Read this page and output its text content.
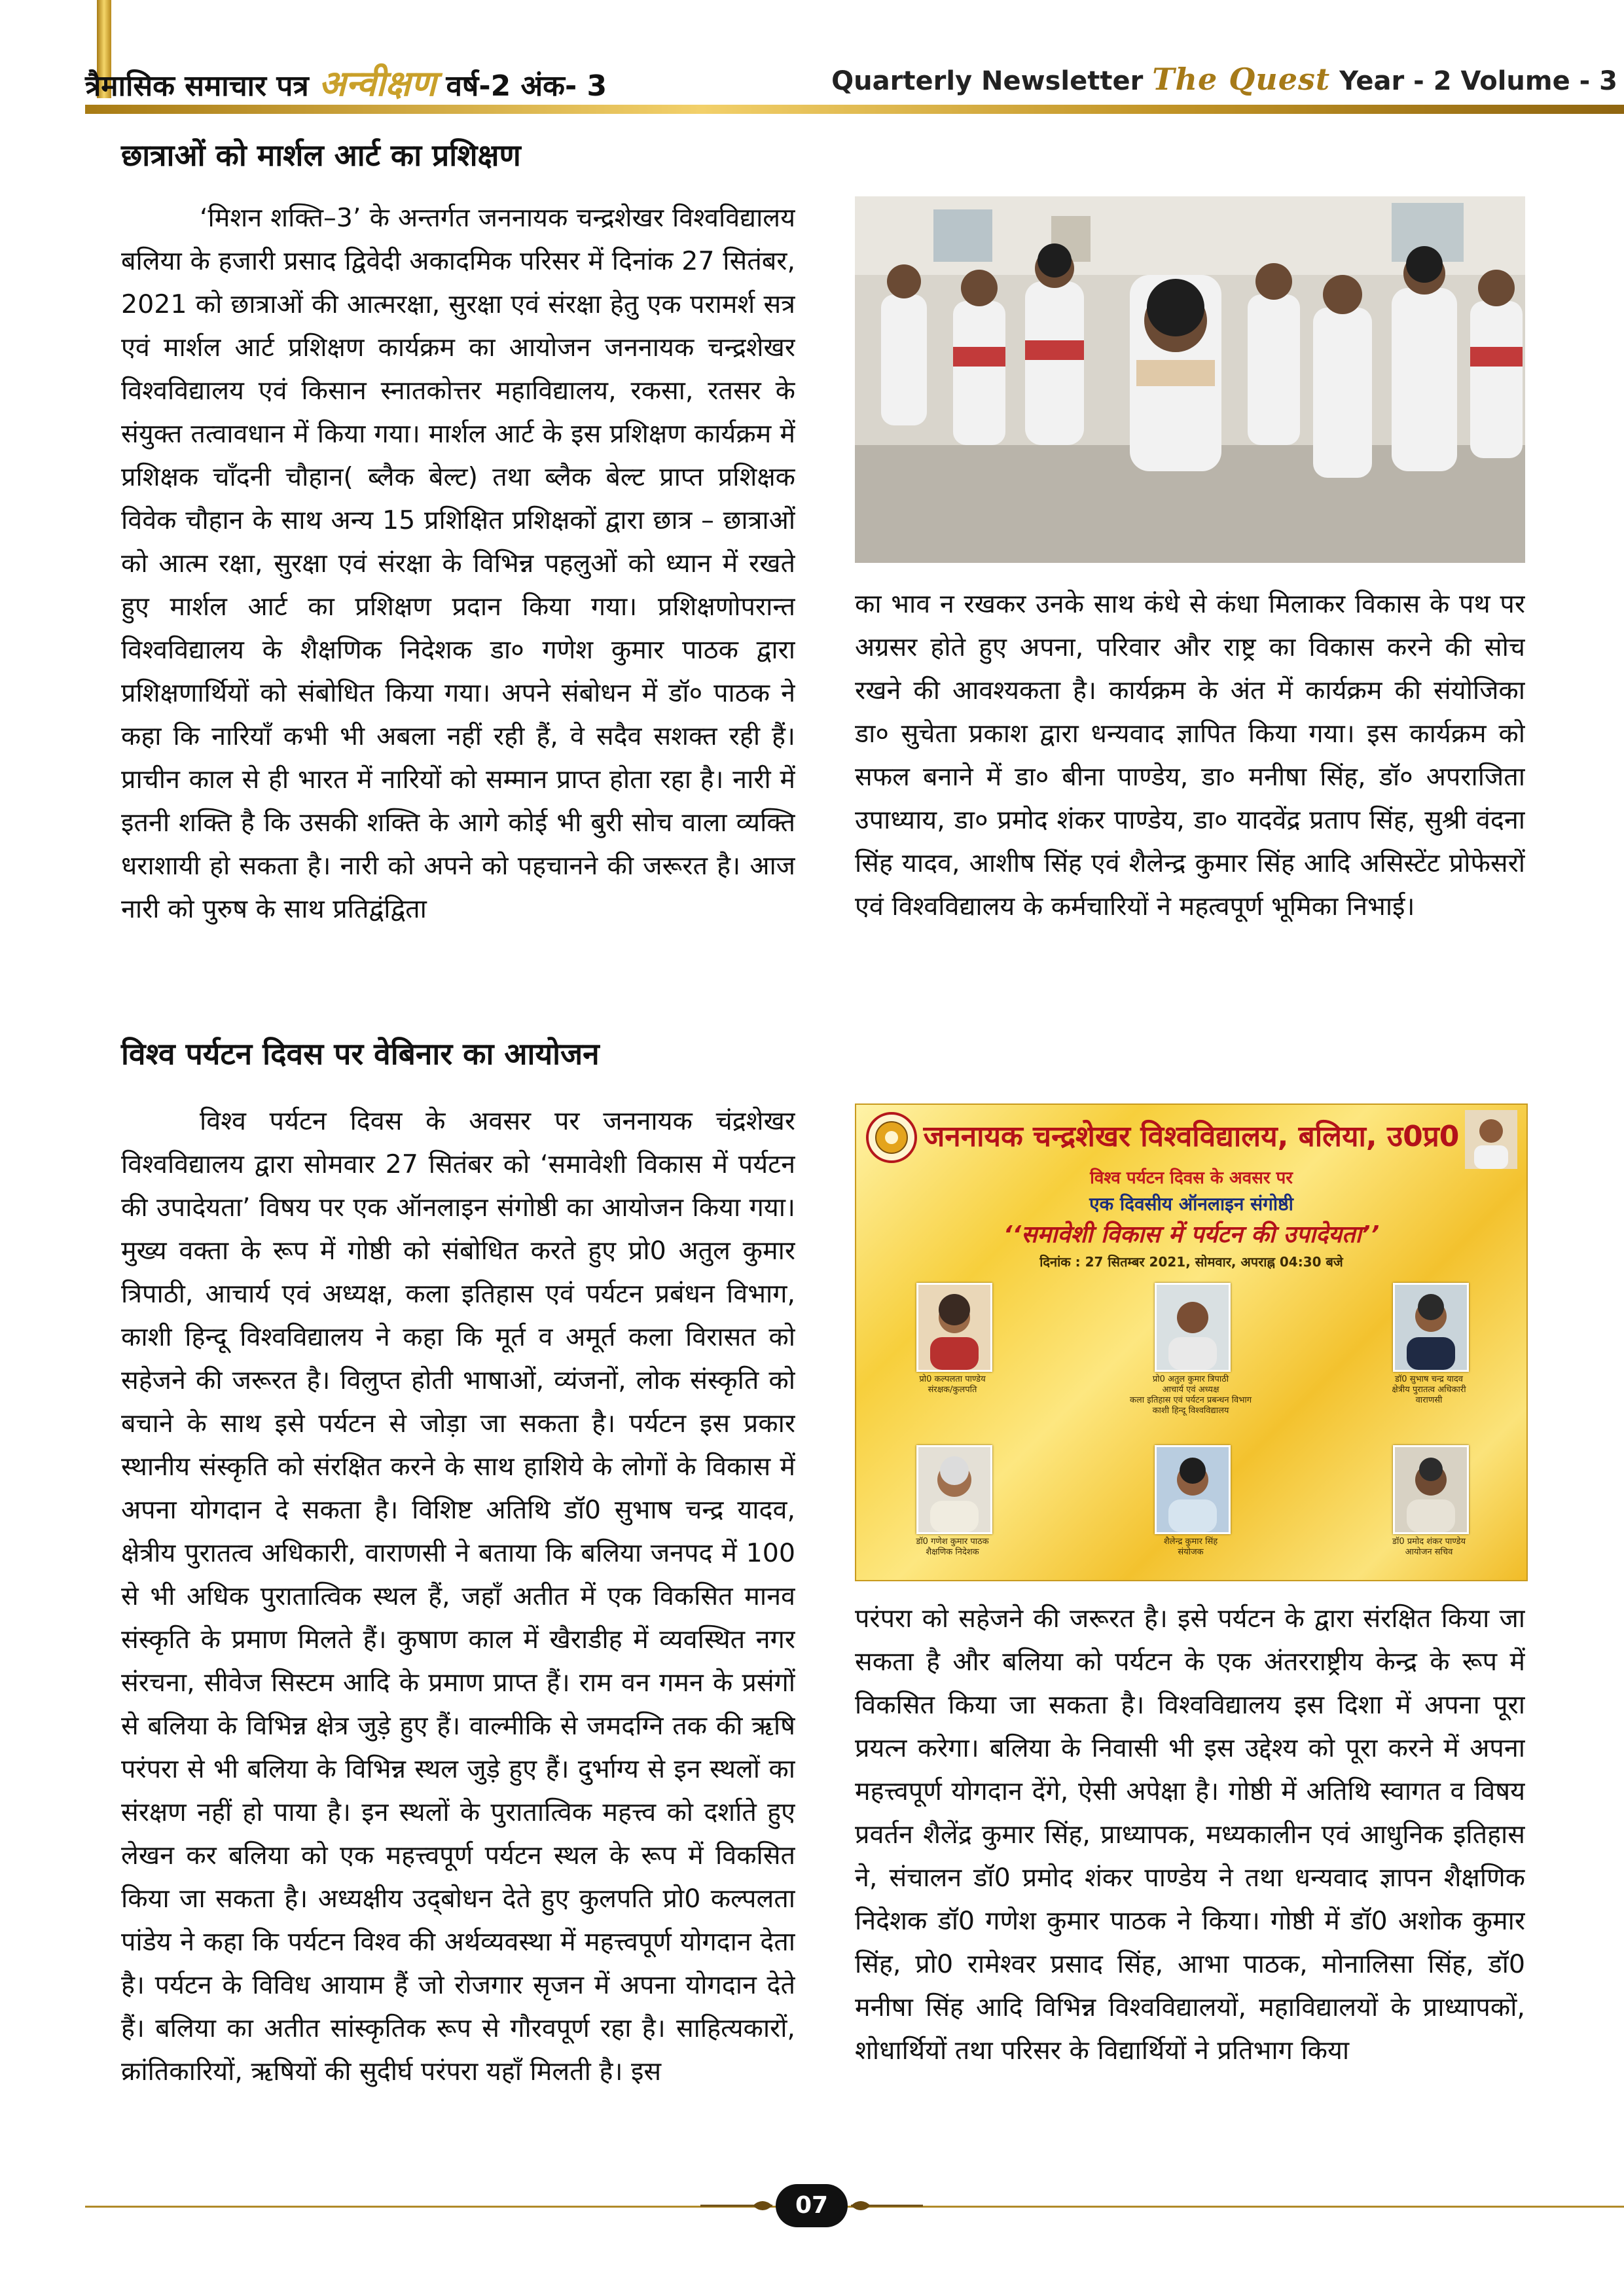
त्रैमासिक समाचार पत्र अन्वीक्षण वर्ष-2 अंक- 3	Quarterly Newsletter The Quest Year - 2 Volume - 3
छात्राओं को मार्शल आर्ट का प्रशिक्षण
‘मिशन शक्ति–3’ के अन्तर्गत जननायक चन्द्रशेखर विश्वविद्यालय बलिया के हजारी प्रसाद द्विवेदी अकादमिक परिसर में दिनांक 27 सितंबर, 2021 को छात्राओं की आत्मरक्षा, सुरक्षा एवं संरक्षा हेतु एक परामर्श सत्र एवं मार्शल आर्ट प्रशिक्षण कार्यक्रम का आयोजन जननायक चन्द्रशेखर विश्वविद्यालय एवं किसान स्नातकोत्तर महाविद्यालय, रकसा, रतसर के संयुक्त तत्वावधान में किया गया। मार्शल आर्ट के इस प्रशिक्षण कार्यक्रम में प्रशिक्षक चाँदनी चौहान( ब्लैक बेल्ट) तथा ब्लैक बेल्ट प्राप्त प्रशिक्षक विवेक चौहान के साथ अन्य 15 प्रशिक्षित प्रशिक्षकों द्वारा छात्र – छात्राओं को आत्म रक्षा, सुरक्षा एवं संरक्षा के विभिन्न पहलुओं को ध्यान में रखते हुए मार्शल आर्ट का प्रशिक्षण प्रदान किया गया। प्रशिक्षणोपरान्त विश्वविद्यालय के शैक्षणिक निदेशक डा० गणेश कुमार पाठक द्वारा प्रशिक्षणार्थियों को संबोधित किया गया। अपने संबोधन में डॉ० पाठक ने कहा कि नारियाँ कभी भी अबला नहीं रही हैं, वे सदैव सशक्त रही हैं। प्राचीन काल से ही भारत में नारियों को सम्मान प्राप्त होता रहा है। नारी में इतनी शक्ति है कि उसकी शक्ति के आगे कोई भी बुरी सोच वाला व्यक्ति धराशायी हो सकता है। नारी को अपने को पहचानने की जरूरत है। आज नारी को पुरुष के साथ प्रतिद्वंद्विता
का भाव न रखकर उनके साथ कंधे से कंधा मिलाकर विकास के पथ पर अग्रसर होते हुए अपना, परिवार और राष्ट्र का विकास करने की सोच रखने की आवश्यकता है। कार्यक्रम के अंत में कार्यक्रम की संयोजिका डा० सुचेता प्रकाश द्वारा धन्यवाद ज्ञापित किया गया। इस कार्यक्रम को सफल बनाने में डा० बीना पाण्डेय, डा० मनीषा सिंह, डॉ० अपराजिता उपाध्याय, डा० प्रमोद शंकर पाण्डेय, डा० यादवेंद्र प्रताप सिंह, सुश्री वंदना सिंह यादव, आशीष सिंह एवं शैलेन्द्र कुमार सिंह आदि असिस्टेंट प्रोफेसरों एवं विश्वविद्यालय के कर्मचारियों ने महत्वपूर्ण भूमिका निभाई।
विश्व पर्यटन दिवस पर वेबिनार का आयोजन
विश्व पर्यटन दिवस के अवसर पर जननायक चंद्रशेखर विश्वविद्यालय द्वारा सोमवार 27 सितंबर को ‘समावेशी विकास में पर्यटन की उपादेयता’ विषय पर एक ऑनलाइन संगोष्ठी का आयोजन किया गया। मुख्य वक्ता के रूप में गोष्ठी को संबोधित करते हुए प्रो0 अतुल कुमार त्रिपाठी, आचार्य एवं अध्यक्ष, कला इतिहास एवं पर्यटन प्रबंधन विभाग, काशी हिन्दू विश्वविद्यालय ने कहा कि मूर्त व अमूर्त कला विरासत को सहेजने की जरूरत है। विलुप्त होती भाषाओं, व्यंजनों, लोक संस्कृति को बचाने के साथ इसे पर्यटन से जोड़ा जा सकता है। पर्यटन इस प्रकार स्थानीय संस्कृति को संरक्षित करने के साथ हाशिये के लोगों के विकास में अपना योगदान दे सकता है। विशिष्ट अतिथि डॉ0 सुभाष चन्द्र यादव, क्षेत्रीय पुरातत्व अधिकारी, वाराणसी ने बताया कि बलिया जनपद में 100 से भी अधिक पुरातात्विक स्थल हैं, जहाँ अतीत में एक विकसित मानव संस्कृति के प्रमाण मिलते हैं। कुषाण काल में खैराडीह में व्यवस्थित नगर संरचना, सीवेज सिस्टम आदि के प्रमाण प्राप्त हैं। राम वन गमन के प्रसंगों से बलिया के विभिन्न क्षेत्र जुड़े हुए हैं। वाल्मीकि से जमदग्नि तक की ऋषि परंपरा से भी बलिया के विभिन्न स्थल जुड़े हुए हैं। दुर्भाग्य से इन स्थलों का संरक्षण नहीं हो पाया है। इन स्थलों के पुरातात्विक महत्त्व को दर्शाते हुए लेखन कर बलिया को एक महत्त्वपूर्ण पर्यटन स्थल के रूप में विकसित किया जा सकता है। अध्यक्षीय उद्‌बोधन देते हुए कुलपति प्रो0 कल्पलता पांडेय ने कहा कि पर्यटन विश्व की अर्थव्यवस्था में महत्त्वपूर्ण योगदान देता है। पर्यटन के विविध आयाम हैं जो रोजगार सृजन में अपना योगदान देते हैं। बलिया का अतीत सांस्कृतिक रूप से गौरवपूर्ण रहा है। साहित्यकारों, क्रांतिकारियों, ऋषियों की सुदीर्घ परंपरा यहाँ मिलती है। इस
जननायक चन्द्रशेखर विश्वविद्यालय, बलिया, उ0प्र0
विश्व पर्यटन दिवस के अवसर पर
एक दिवसीय ऑनलाइन संगोष्ठी
‘‘समावेशी विकास में पर्यटन की उपादेयता’’
दिनांक : 27 सितम्बर 2021, सोमवार, अपराह्न 04:30 बजे
प्रो0 कल्पलता पाण्डेय
संरक्षक/कुलपति
प्रो0 अतुल कुमार त्रिपाठी
आचार्य एवं अध्यक्ष
कला इतिहास एवं पर्यटन प्रबन्धन विभाग
काशी हिन्दू विश्वविद्यालय
डॉ0 सुभाष चन्द्र यादव
क्षेत्रीय पुरातत्व अधिकारी
वाराणसी
डॉ0 गणेश कुमार पाठक
शैक्षणिक निदेशक
शैलेन्द्र कुमार सिंह
संयोजक
डॉ0 प्रमोद शंकर पाण्डेय
आयोजन सचिव
परंपरा को सहेजने की जरूरत है। इसे पर्यटन के द्वारा संरक्षित किया जा सकता है और बलिया को पर्यटन के एक अंतरराष्ट्रीय केन्द्र के रूप में विकसित किया जा सकता है। विश्वविद्यालय इस दिशा में अपना पूरा प्रयत्न करेगा। बलिया के निवासी भी इस उद्देश्य को पूरा करने में अपना महत्त्वपूर्ण योगदान देंगे, ऐसी अपेक्षा है। गोष्ठी में अतिथि स्वागत व विषय प्रवर्तन शैलेंद्र कुमार सिंह, प्राध्यापक, मध्यकालीन एवं आधुनिक इतिहास ने, संचालन डॉ0 प्रमोद शंकर पाण्डेय ने तथा धन्यवाद ज्ञापन शैक्षणिक निदेशक डॉ0 गणेश कुमार पाठक ने किया। गोष्ठी में डॉ0 अशोक कुमार सिंह, प्रो0 रामेश्वर प्रसाद सिंह, आभा पाठक, मोनालिसा सिंह, डॉ0 मनीषा सिंह आदि विभिन्न विश्वविद्यालयों, महाविद्यालयों के प्राध्यापकों, शोधार्थियों तथा परिसर के विद्यार्थियों ने प्रतिभाग किया
07
